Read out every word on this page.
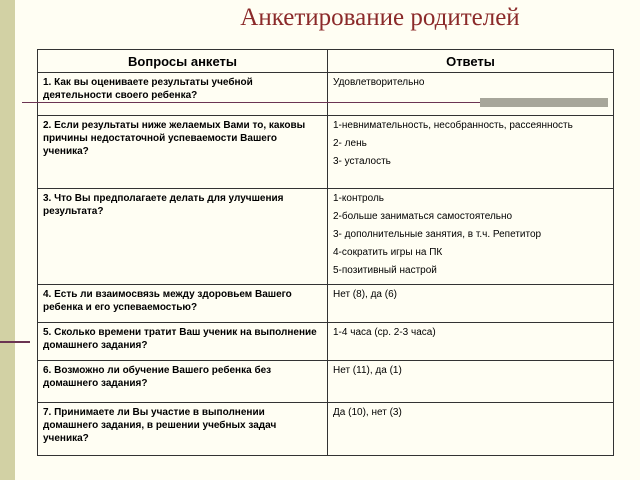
Анкетирование родителей
Вопросы анкеты	Ответы
1. Как вы оцениваете результаты учебной деятельности своего ребенка?	Удовлетворительно

2. Если результаты ниже желаемых Вами то, каковы причины недостаточной успеваемости Вашего ученика?	1-невнимательность, несобранность, рассеянность
2- лень
3- усталость

3. Что Вы предполагаете делать для улучшения результата?	1-контроль
2-больше заниматься самостоятельно
3- дополнительные занятия, в т.ч. Репетитор
4-сократить игры на ПК
5-позитивный настрой

4. Есть ли взаимосвязь между здоровьем Вашего ребенка и его успеваемостью?	Нет (8), да (6)

5. Сколько времени тратит Ваш ученик на выполнение домашнего задания?	1-4 часа (ср. 2-3 часа)

6. Возможно ли обучение Вашего ребенка без домашнего задания?	Нет (11), да (1)

7. Принимаете ли Вы участие в выполнении домашнего задания, в решении учебных задач ученика?	Да (10), нет (3)
